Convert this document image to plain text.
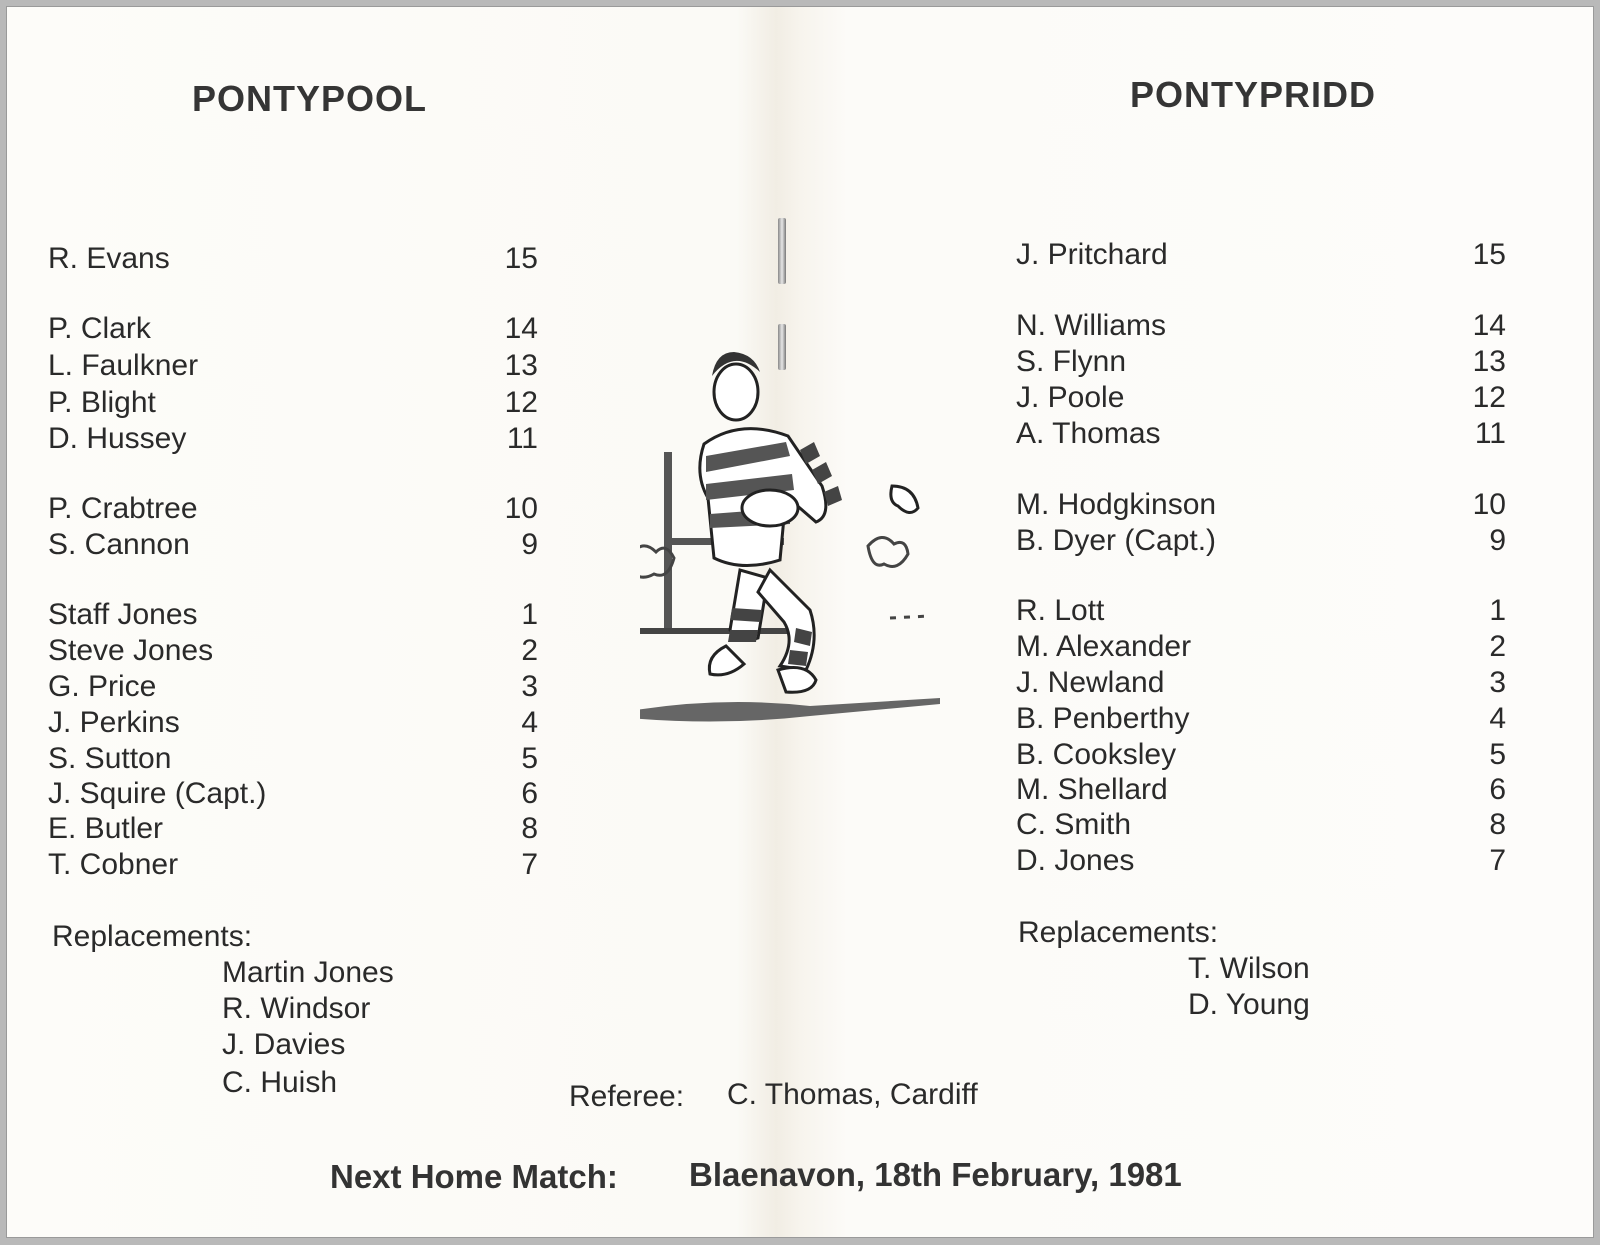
PONTYPOOL
R. Evans	15
P. Clark	14
L. Faulkner	13
P. Blight	12
D. Hussey	11
P. Crabtree	10
S. Cannon	9
Staff Jones	1
Steve Jones	2
G. Price	3
J. Perkins	4
S. Sutton	5
J. Squire (Capt.)	6
E. Butler	8
T. Cobner	7
Replacements:
Martin Jones
R. Windsor
J. Davies
C. Huish
PONTYPRIDD
J. Pritchard	15
N. Williams	14
S. Flynn	13
J. Poole	12
A. Thomas	11
M. Hodgkinson	10
B. Dyer (Capt.)	9
R. Lott	1
M. Alexander	2
J. Newland	3
B. Penberthy	4
B. Cooksley	5
M. Shellard	6
C. Smith	8
D. Jones	7
Replacements:
T. Wilson
D. Young
Referee: C. Thomas, Cardiff
Next Home Match: Blaenavon, 18th February, 1981
